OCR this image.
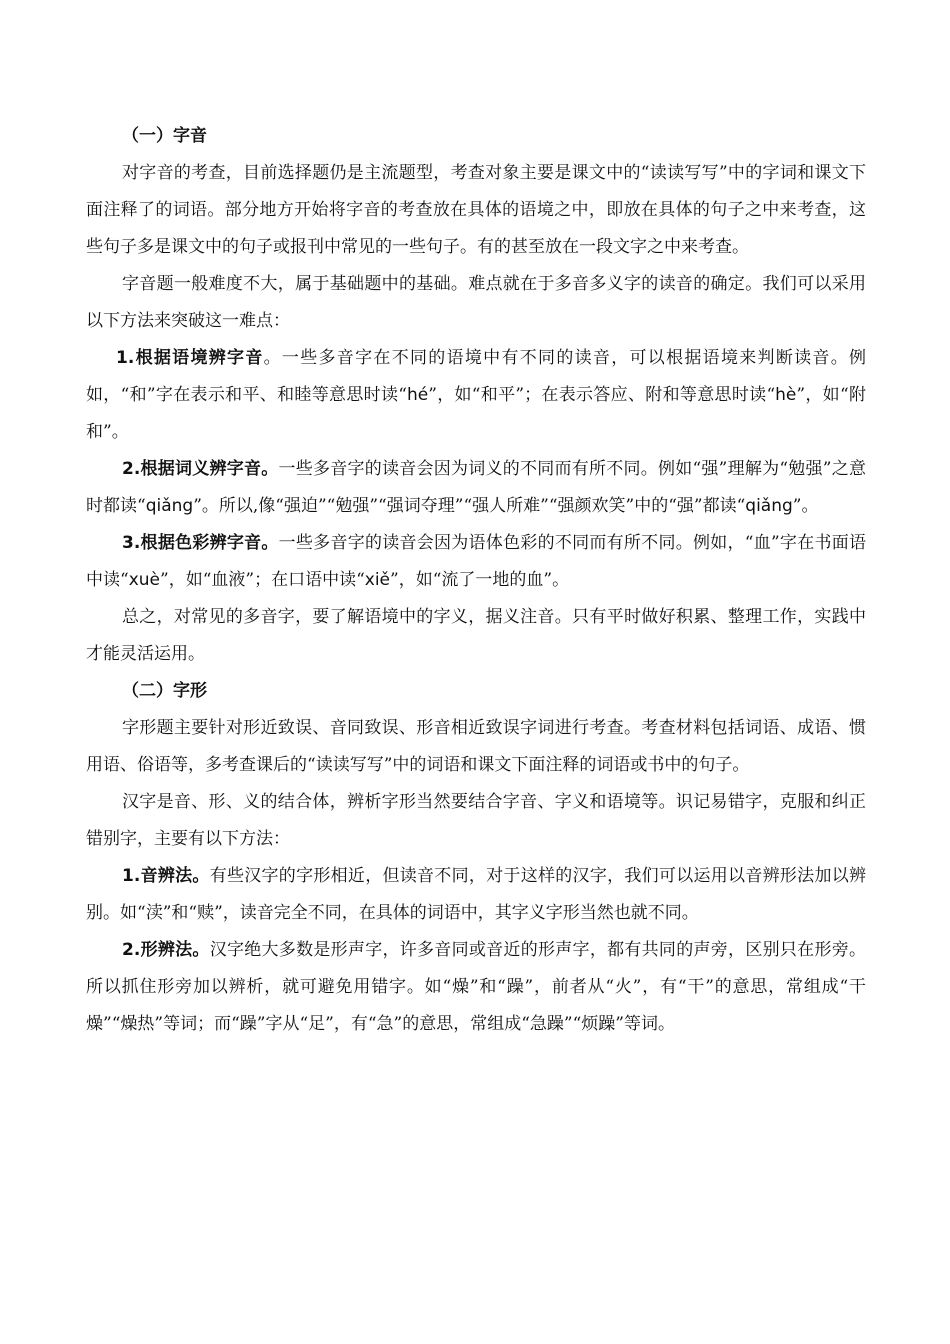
（一）字音

对字音的考查，目前选择题仍是主流题型，考查对象主要是课文中的“读读写写”中的字词和课文下面注释了的词语。部分地方开始将字音的考查放在具体的语境之中，即放在具体的句子之中来考查，这些句子多是课文中的句子或报刊中常见的一些句子。有的甚至放在一段文字之中来考查。

字音题一般难度不大，属于基础题中的基础。难点就在于多音多义字的读音的确定。我们可以采用以下方法来突破这一难点：

1.根据语境辨字音。一些多音字在不同的语境中有不同的读音，可以根据语境来判断读音。例如，“和”字在表示和平、和睦等意思时读“hé”，如“和平”；在表示答应、附和等意思时读“hè”，如“附和”。

2.根据词义辨字音。一些多音字的读音会因为词义的不同而有所不同。例如“强”理解为“勉强”之意时都读“qiǎng”。所以,像“强迫”“勉强”“强词夺理”“强人所难”“强颜欢笑”中的“强”都读“qiǎng”。

3.根据色彩辨字音。一些多音字的读音会因为语体色彩的不同而有所不同。例如，“血”字在书面语中读“xuè”，如“血液”；在口语中读“xiě”，如“流了一地的血”。

总之，对常见的多音字，要了解语境中的字义，据义注音。只有平时做好积累、整理工作，实践中才能灵活运用。

（二）字形

字形题主要针对形近致误、音同致误、形音相近致误字词进行考查。考查材料包括词语、成语、惯用语、俗语等，多考查课后的“读读写写”中的词语和课文下面注释的词语或书中的句子。

汉字是音、形、义的结合体，辨析字形当然要结合字音、字义和语境等。识记易错字，克服和纠正错别字，主要有以下方法：

1.音辨法。有些汉字的字形相近，但读音不同，对于这样的汉字，我们可以运用以音辨形法加以辨别。如“渎”和“赎”，读音完全不同，在具体的词语中，其字义字形当然也就不同。

2.形辨法。汉字绝大多数是形声字，许多音同或音近的形声字，都有共同的声旁，区别只在形旁。所以抓住形旁加以辨析，就可避免用错字。如“燥”和“躁”，前者从“火”，有“干”的意思，常组成“干燥”“燥热”等词；而“躁”字从“足”，有“急”的意思，常组成“急躁”“烦躁”等词。
